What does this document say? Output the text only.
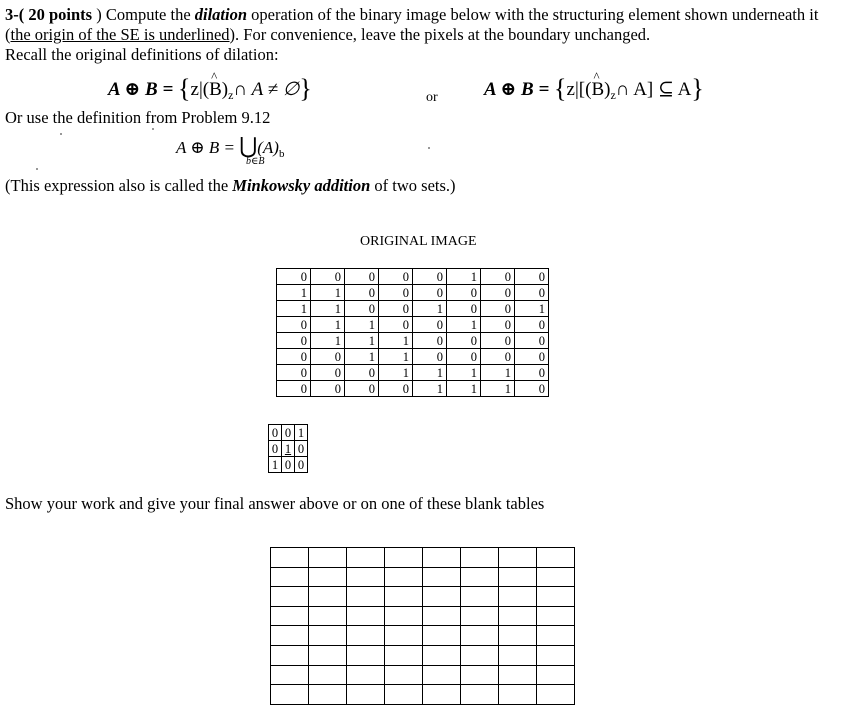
3-( 20 points ) Compute the dilation operation of the binary image below with the structuring element shown underneath it (the origin of the SE is underlined). For convenience, leave the pixels at the boundary unchanged.
Recall the original definitions of dilation:
A ⊕ B = {z|(^ $B)_z\cap$ A ≠ ∅}	or A ⊕ B = {z|[(^ $B)_z\cap$ A] ⊆ A}
Or use the definition from Problem 9.12
A ⊕ $B = ⋃(A)_b$
b∈B
(This expression also is called the Minkowsky addition of two sets.)
ORIGINAL IMAGE
0	0	0	0	0	1	0	0
1	1	0	0	0	0	0	0
1	1	0	0	1	0	0	1
0	1	1	0	0	1	0	0
0	1	1	1	0	0	0	0
0	0	1	1	0	0	0	0
0	0	0	1	1	1	1	0
0	0	0	0	1	1	1	0
0	0	1
0	1	0
1	0	0
Show your work and give your final answer above or on one of these blank tables
